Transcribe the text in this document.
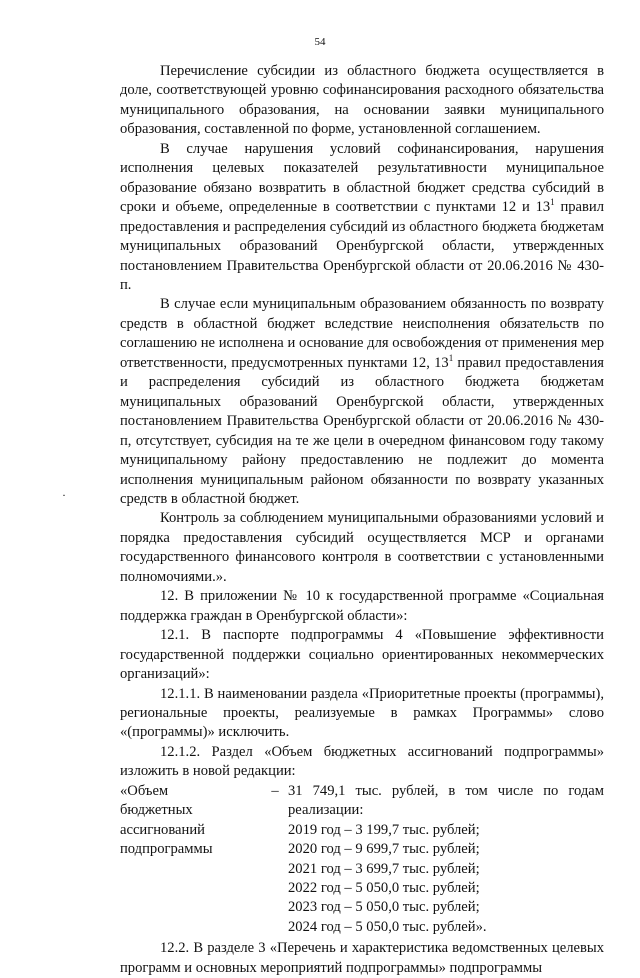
54
·

Перечисление субсидии из областного бюджета осуществляется в доле, соответствующей уровню софинансирования расходного обязательства муниципального образования, на основании заявки муниципального образования, составленной по форме, установленной соглашением.

В случае нарушения условий софинансирования, нарушения исполнения целевых показателей результативности муниципальное образование обязано возвратить в областной бюджет средства субсидий в сроки и объеме, определенные в соответствии с пунктами 12 и $13^1$ правил предоставления и распределения субсидий из областного бюджета бюджетам муниципальных образований Оренбургской области, утвержденных постановлением Правительства Оренбургской области от 20.06.2016 № 430-п.

В случае если муниципальным образованием обязанность по возврату средств в областной бюджет вследствие неисполнения обязательств по соглашению не исполнена и основание для освобождения от применения мер ответственности, предусмотренных пунктами 12, $13^1$ правил предоставления и распределения субсидий из областного бюджета бюджетам муниципальных образований Оренбургской области, утвержденных постановлением Правительства Оренбургской области от 20.06.2016 № 430-п, отсутствует, субсидия на те же цели в очередном финансовом году такому муниципальному району предоставлению не подлежит до момента исполнения муниципальным районом обязанности по возврату указанных средств в областной бюджет.

Контроль за соблюдением муниципальными образованиями условий и порядка предоставления субсидий осуществляется МСР и органами государственного финансового контроля в соответствии с установленными полномочиями.».

12. В приложении № 10 к государственной программе «Социальная поддержка граждан в Оренбургской области»:

12.1. В паспорте подпрограммы 4 «Повышение эффективности государственной поддержки социально ориентированных некоммерческих организаций»:

12.1.1. В наименовании раздела «Приоритетные проекты (программы), региональные проекты, реализуемые в рамках Программы» слово «(программы)» исключить.

12.1.2. Раздел «Объем бюджетных ассигнований подпрограммы» изложить в новой редакции:

«Объем
бюджетных
ассигнований
подпрограммы
– 31 749,1 тыс. рублей, в том числе по годам реализации:
2019 год – 3 199,7 тыс. рублей;
2020 год – 9 699,7 тыс. рублей;
2021 год – 3 699,7 тыс. рублей;
2022 год – 5 050,0 тыс. рублей;
2023 год – 5 050,0 тыс. рублей;
2024 год – 5 050,0 тыс. рублей».

12.2. В разделе 3 «Перечень и характеристика ведомственных целевых программ и основных мероприятий подпрограммы» подпрограммы
